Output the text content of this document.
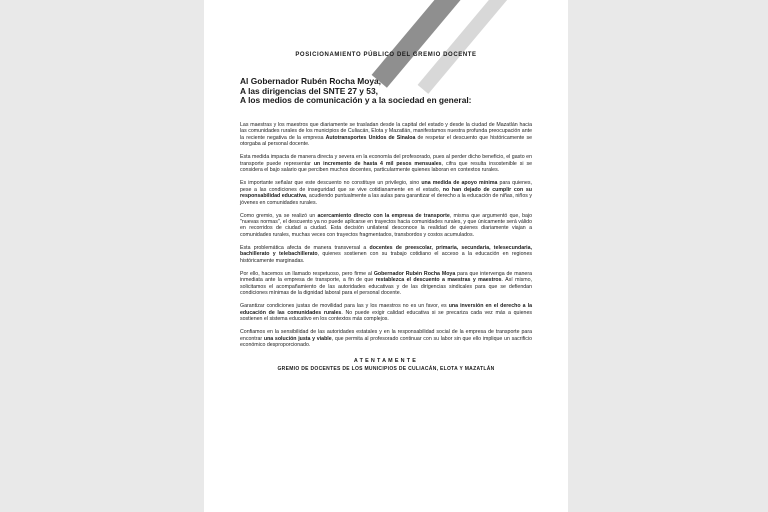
POSICIONAMIENTO PÚBLICO DEL GREMIO DOCENTE
Al Gobernador Rubén Rocha Moya,
A las dirigencias del SNTE 27 y 53,
A los medios de comunicación y a la sociedad en general:

Las maestras y los maestros que diariamente se trasladan desde la capital del estado y desde la ciudad de Mazatlán hacia las comunidades rurales de los municipios de Culiacán, Elota y Mazatlán, manifestamos nuestra profunda preocupación ante la reciente negativa de la empresa Autotransportes Unidos de Sinaloa de respetar el descuento que históricamente se otorgaba al personal docente.

Esta medida impacta de manera directa y severa en la economía del profesorado, pues al perder dicho beneficio, el gasto en transporte puede representar un incremento de hasta 4 mil pesos mensuales, cifra que resulta insostenible si se considera el bajo salario que perciben muchos docentes, particularmente quienes laboran en contextos rurales.

Es importante señalar que este descuento no constituye un privilegio, sino una medida de apoyo mínima para quienes, pese a las condiciones de inseguridad que se vive cotidianamente en el estado, no han dejado de cumplir con su responsabilidad educativa, acudiendo puntualmente a las aulas para garantizar el derecho a la educación de niñas, niños y jóvenes en comunidades rurales.

Como gremio, ya se realizó un acercamiento directo con la empresa de transporte, misma que argumentó que, bajo "nuevas normas", el descuento ya no puede aplicarse en trayectos hacia comunidades rurales, y que únicamente será válido en recorridos de ciudad a ciudad. Esta decisión unilateral desconoce la realidad de quienes diariamente viajan a comunidades rurales, muchas veces con trayectos fragmentados, transbordos y costos acumulados.

Esta problemática afecta de manera transversal a docentes de preescolar, primaria, secundaria, telesecundaria, bachillerato y telebachillerato, quienes sostienen con su trabajo cotidiano el acceso a la educación en regiones históricamente marginadas.

Por ello, hacemos un llamado respetuoso, pero firme al Gobernador Rubén Rocha Moya para que intervenga de manera inmediata ante la empresa de transporte, a fin de que restablezca el descuento a maestras y maestros. Así mismo, solicitamos el acompañamiento de las autoridades educativas y de las dirigencias sindicales para que se defiendan condiciones mínimas de la dignidad laboral para el personal docente.

Garantizar condiciones justas de movilidad para las y los maestros no es un favor, es una inversión en el derecho a la educación de las comunidades rurales. No puede exigir calidad educativa si se precariza cada vez más a quienes sostienen el sistema educativo en los contextos más complejos.

Confiamos en la sensibilidad de las autoridades estatales y en la responsabilidad social de la empresa de transporte para encontrar una solución justa y viable, que permita al profesorado continuar con su labor sin que ello implique un sacrificio económico desproporcionado.

ATENTAMENTE
GREMIO DE DOCENTES DE LOS MUNICIPIOS DE CULIACÁN, ELOTA Y MAZATLÁN
